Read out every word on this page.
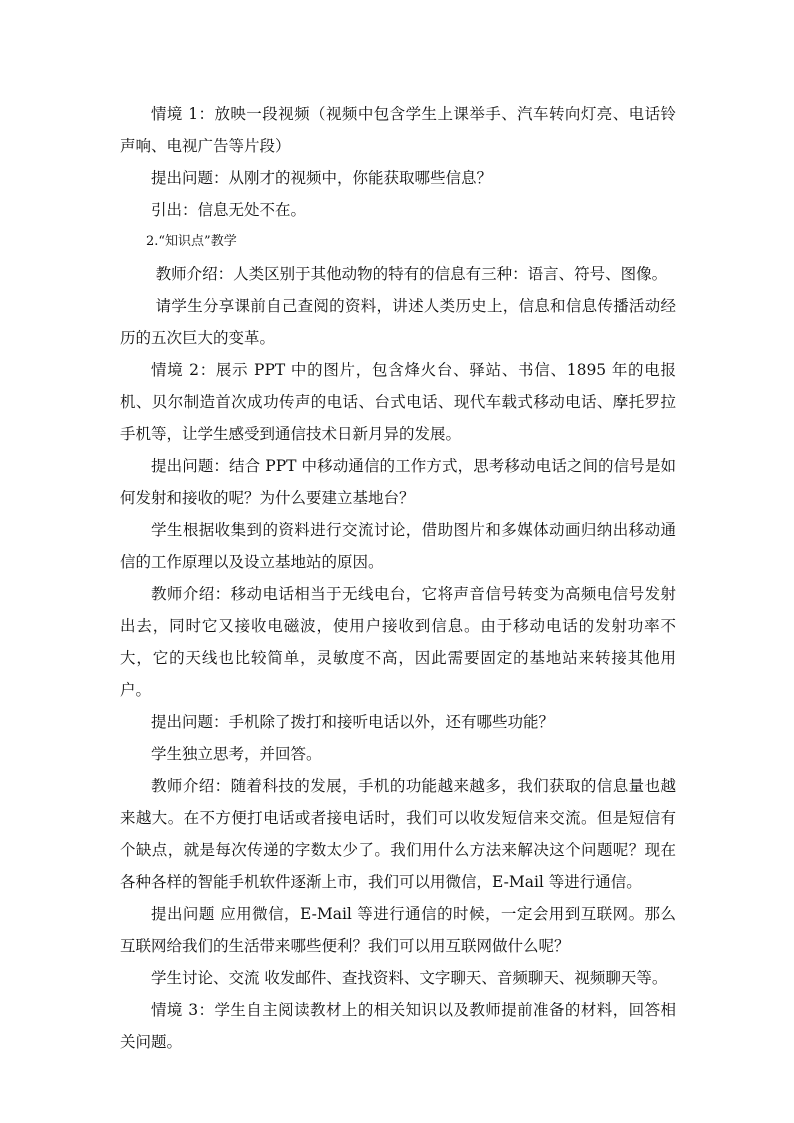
情境 1：放映一段视频（视频中包含学生上课举手、汽车转向灯亮、电话铃声响、电视广告等片段）

提出问题：从刚才的视频中，你能获取哪些信息？

引出：信息无处不在。

2.“知识点”教学

教师介绍：人类区别于其他动物的特有的信息有三种：语言、符号、图像。

请学生分享课前自己查阅的资料，讲述人类历史上，信息和信息传播活动经历的五次巨大的变革。

情境 2：展示 PPT 中的图片，包含烽火台、驿站、书信、1895 年的电报机、贝尔制造首次成功传声的电话、台式电话、现代车载式移动电话、摩托罗拉手机等，让学生感受到通信技术日新月异的发展。

提出问题：结合 PPT 中移动通信的工作方式，思考移动电话之间的信号是如何发射和接收的呢？为什么要建立基地台？

学生根据收集到的资料进行交流讨论，借助图片和多媒体动画归纳出移动通信的工作原理以及设立基地站的原因。

教师介绍：移动电话相当于无线电台，它将声音信号转变为高频电信号发射出去，同时它又接收电磁波，使用户接收到信息。由于移动电话的发射功率不大，它的天线也比较简单，灵敏度不高，因此需要固定的基地站来转接其他用户。

提出问题：手机除了拨打和接听电话以外，还有哪些功能？

学生独立思考，并回答。

教师介绍：随着科技的发展，手机的功能越来越多，我们获取的信息量也越来越大。在不方便打电话或者接电话时，我们可以收发短信来交流。但是短信有个缺点，就是每次传递的字数太少了。我们用什么方法来解决这个问题呢？现在各种各样的智能手机软件逐渐上市，我们可以用微信，E-Mail 等进行通信。

提出问题 应用微信，E-Mail 等进行通信的时候，一定会用到互联网。那么互联网给我们的生活带来哪些便利？我们可以用互联网做什么呢？

学生讨论、交流 收发邮件、查找资料、文字聊天、音频聊天、视频聊天等。

情境 3：学生自主阅读教材上的相关知识以及教师提前准备的材料，回答相关问题。
